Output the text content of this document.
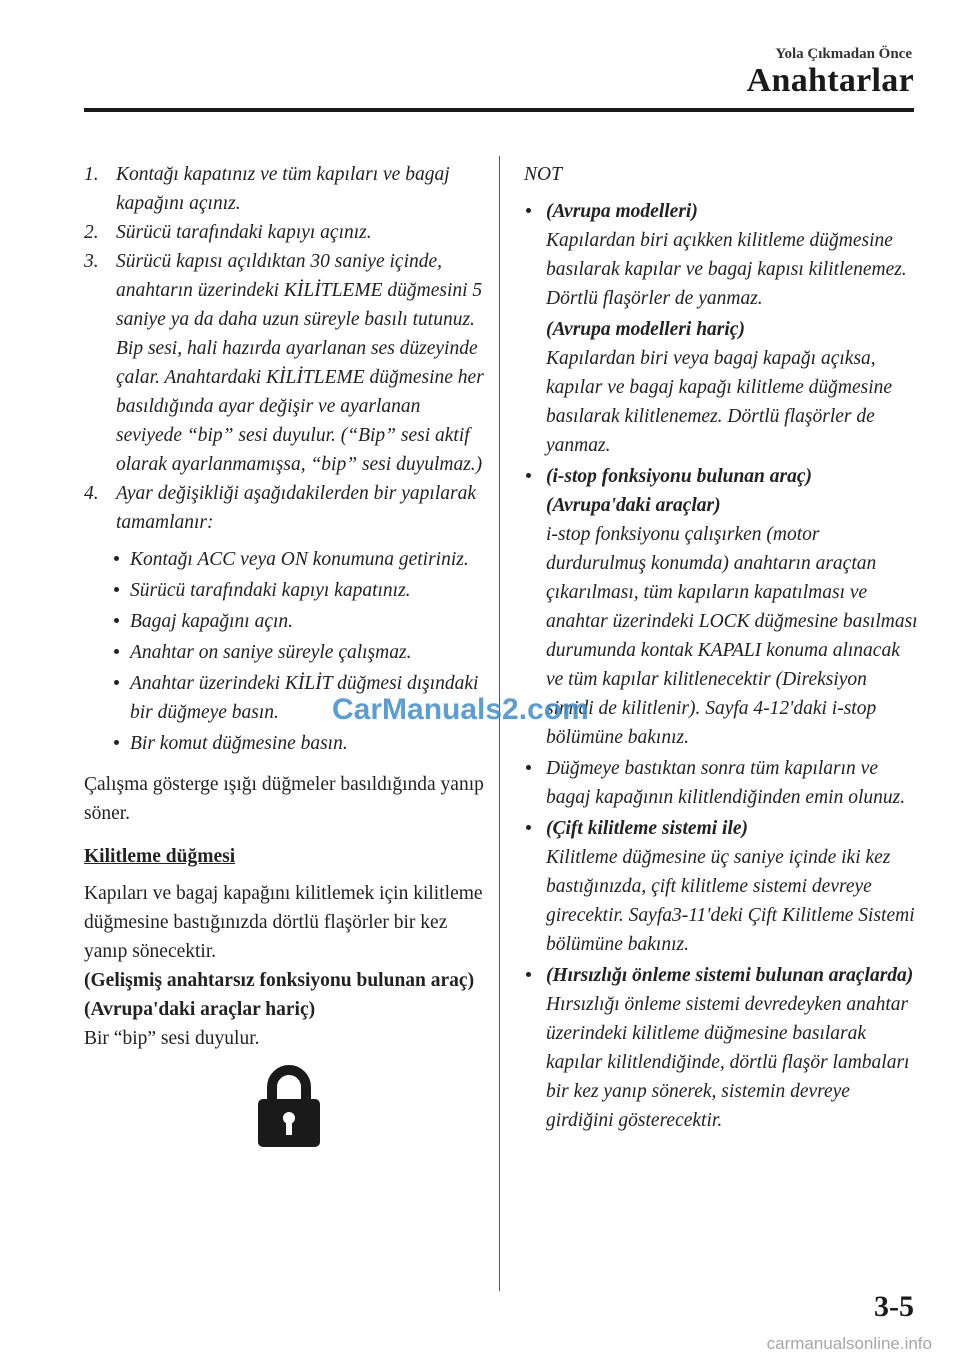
Yola Çıkmadan Önce
Anahtarlar
1. Kontağı kapatınız ve tüm kapıları ve bagaj kapağını açınız.
2. Sürücü tarafındaki kapıyı açınız.
3. Sürücü kapısı açıldıktan 30 saniye içinde, anahtarın üzerindeki KİLİTLEME düğmesini 5 saniye ya da daha uzun süreyle basılı tutunuz. Bip sesi, hali hazırda ayarlanan ses düzeyinde çalar. Anahtardaki KİLİTLEME düğmesine her basıldığında ayar değişir ve ayarlanan seviyede “bip” sesi duyulur. (“Bip” sesi aktif olarak ayarlanmamışsa, “bip” sesi duyulmaz.)
4. Ayar değişikliği aşağıdakilerden bir yapılarak tamamlanır:
Kontağı ACC veya ON konumuna getiriniz.
Sürücü tarafındaki kapıyı kapatınız.
Bagaj kapağını açın.
Anahtar on saniye süreyle çalışmaz.
Anahtar üzerindeki KİLİT düğmesi dışındaki bir düğmeye basın.
Bir komut düğmesine basın.
Çalışma gösterge ışığı düğmeler basıldığında yanıp söner.
Kilitleme düğmesi
Kapıları ve bagaj kapağını kilitlemek için kilitleme düğmesine bastığınızda dörtlü flaşörler bir kez yanıp sönecektir.
(Gelişmiş anahtarsız fonksiyonu bulunan araç) (Avrupa'daki araçlar hariç)
Bir “bip” sesi duyulur.
NOT
(Avrupa modelleri)
Kapılardan biri açıkken kilitleme düğmesine basılarak kapılar ve bagaj kapısı kilitlenemez. Dörtlü flaşörler de yanmaz.
(Avrupa modelleri hariç)
Kapılardan biri veya bagaj kapağı açıksa, kapılar ve bagaj kapağı kilitleme düğmesine basılarak kilitlenemez. Dörtlü flaşörler de yanmaz.
(i-stop fonksiyonu bulunan araç) (Avrupa'daki araçlar)
i-stop fonksiyonu çalışırken (motor durdurulmuş konumda) anahtarın araçtan çıkarılması, tüm kapıların kapatılması ve anahtar üzerindeki LOCK düğmesine basılması durumunda kontak KAPALI konuma alınacak ve tüm kapılar kilitlenecektir (Direksiyon simidi de kilitlenir). Sayfa 4-12'daki i-stop bölümüne bakınız.
Düğmeye bastıktan sonra tüm kapıların ve bagaj kapağının kilitlendiğinden emin olunuz.
(Çift kilitleme sistemi ile)
Kilitleme düğmesine üç saniye içinde iki kez bastığınızda, çift kilitleme sistemi devreye girecektir. Sayfa3-11'deki Çift Kilitleme Sistemi bölümüne bakınız.
(Hırsızlığı önleme sistemi bulunan araçlarda)
Hırsızlığı önleme sistemi devredeyken anahtar üzerindeki kilitleme düğmesine basılarak kapılar kilitlendiğinde, dörtlü flaşör lambaları bir kez yanıp sönerek, sistemin devreye girdiğini gösterecektir.
CarManuals2.com
3-5
carmanualsonline.info
